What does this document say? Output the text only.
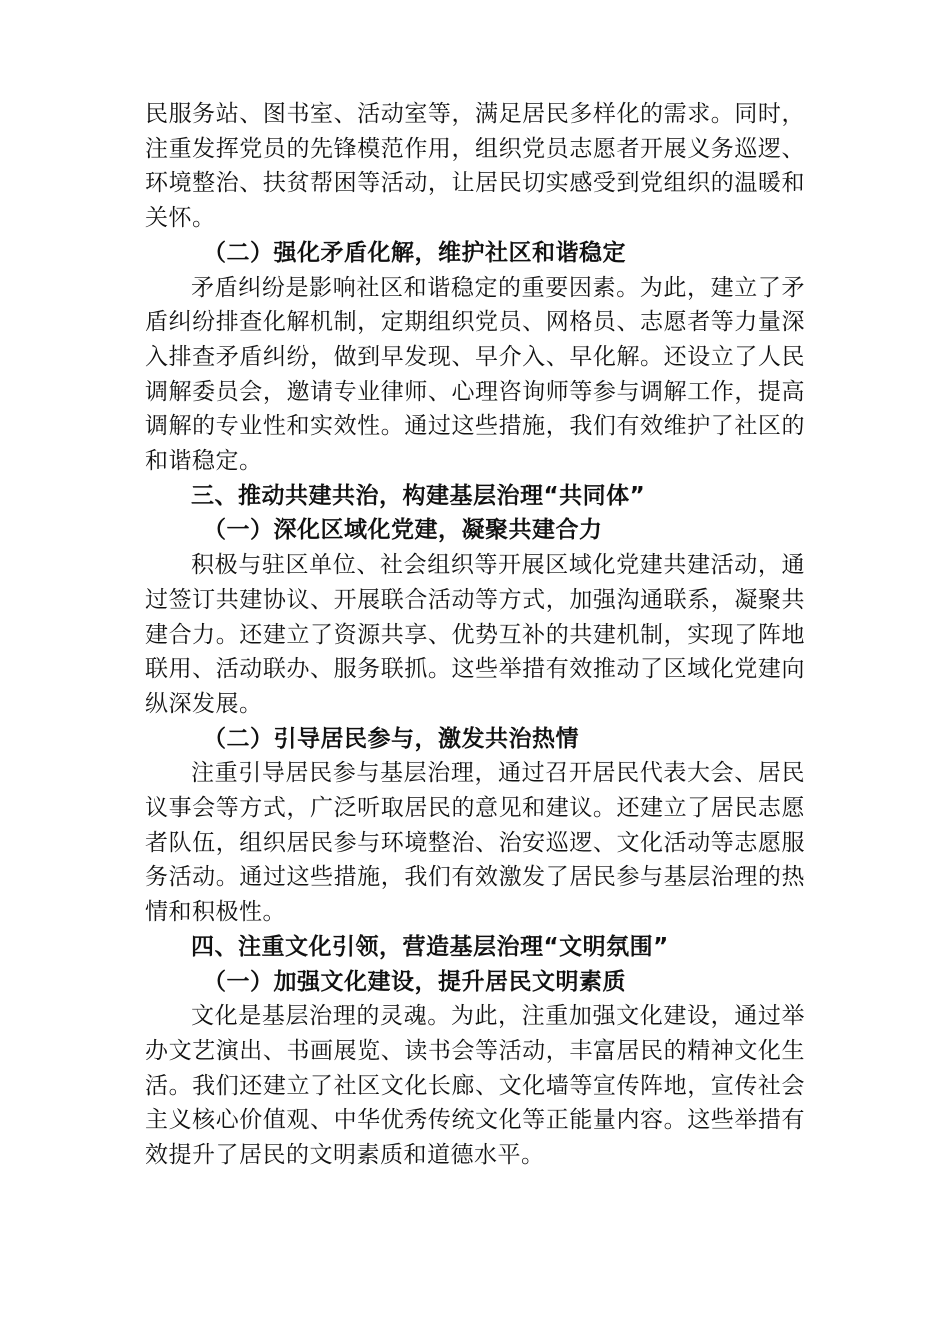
民服务站、图书室、活动室等，满足居民多样化的需求。同时，注重发挥党员的先锋模范作用，组织党员志愿者开展义务巡逻、环境整治、扶贫帮困等活动，让居民切实感受到党组织的温暖和关怀。

（二）强化矛盾化解，维护社区和谐稳定

矛盾纠纷是影响社区和谐稳定的重要因素。为此，建立了矛盾纠纷排查化解机制，定期组织党员、网格员、志愿者等力量深入排查矛盾纠纷，做到早发现、早介入、早化解。还设立了人民调解委员会，邀请专业律师、心理咨询师等参与调解工作，提高调解的专业性和实效性。通过这些措施，我们有效维护了社区的和谐稳定。

三、推动共建共治，构建基层治理“共同体”

（一）深化区域化党建，凝聚共建合力

积极与驻区单位、社会组织等开展区域化党建共建活动，通过签订共建协议、开展联合活动等方式，加强沟通联系，凝聚共建合力。还建立了资源共享、优势互补的共建机制，实现了阵地联用、活动联办、服务联抓。这些举措有效推动了区域化党建向纵深发展。

（二）引导居民参与，激发共治热情

注重引导居民参与基层治理，通过召开居民代表大会、居民议事会等方式，广泛听取居民的意见和建议。还建立了居民志愿者队伍，组织居民参与环境整治、治安巡逻、文化活动等志愿服务活动。通过这些措施，我们有效激发了居民参与基层治理的热情和积极性。

四、注重文化引领，营造基层治理“文明氛围”

（一）加强文化建设，提升居民文明素质

文化是基层治理的灵魂。为此，注重加强文化建设，通过举办文艺演出、书画展览、读书会等活动，丰富居民的精神文化生活。我们还建立了社区文化长廊、文化墙等宣传阵地，宣传社会主义核心价值观、中华优秀传统文化等正能量内容。这些举措有效提升了居民的文明素质和道德水平。
